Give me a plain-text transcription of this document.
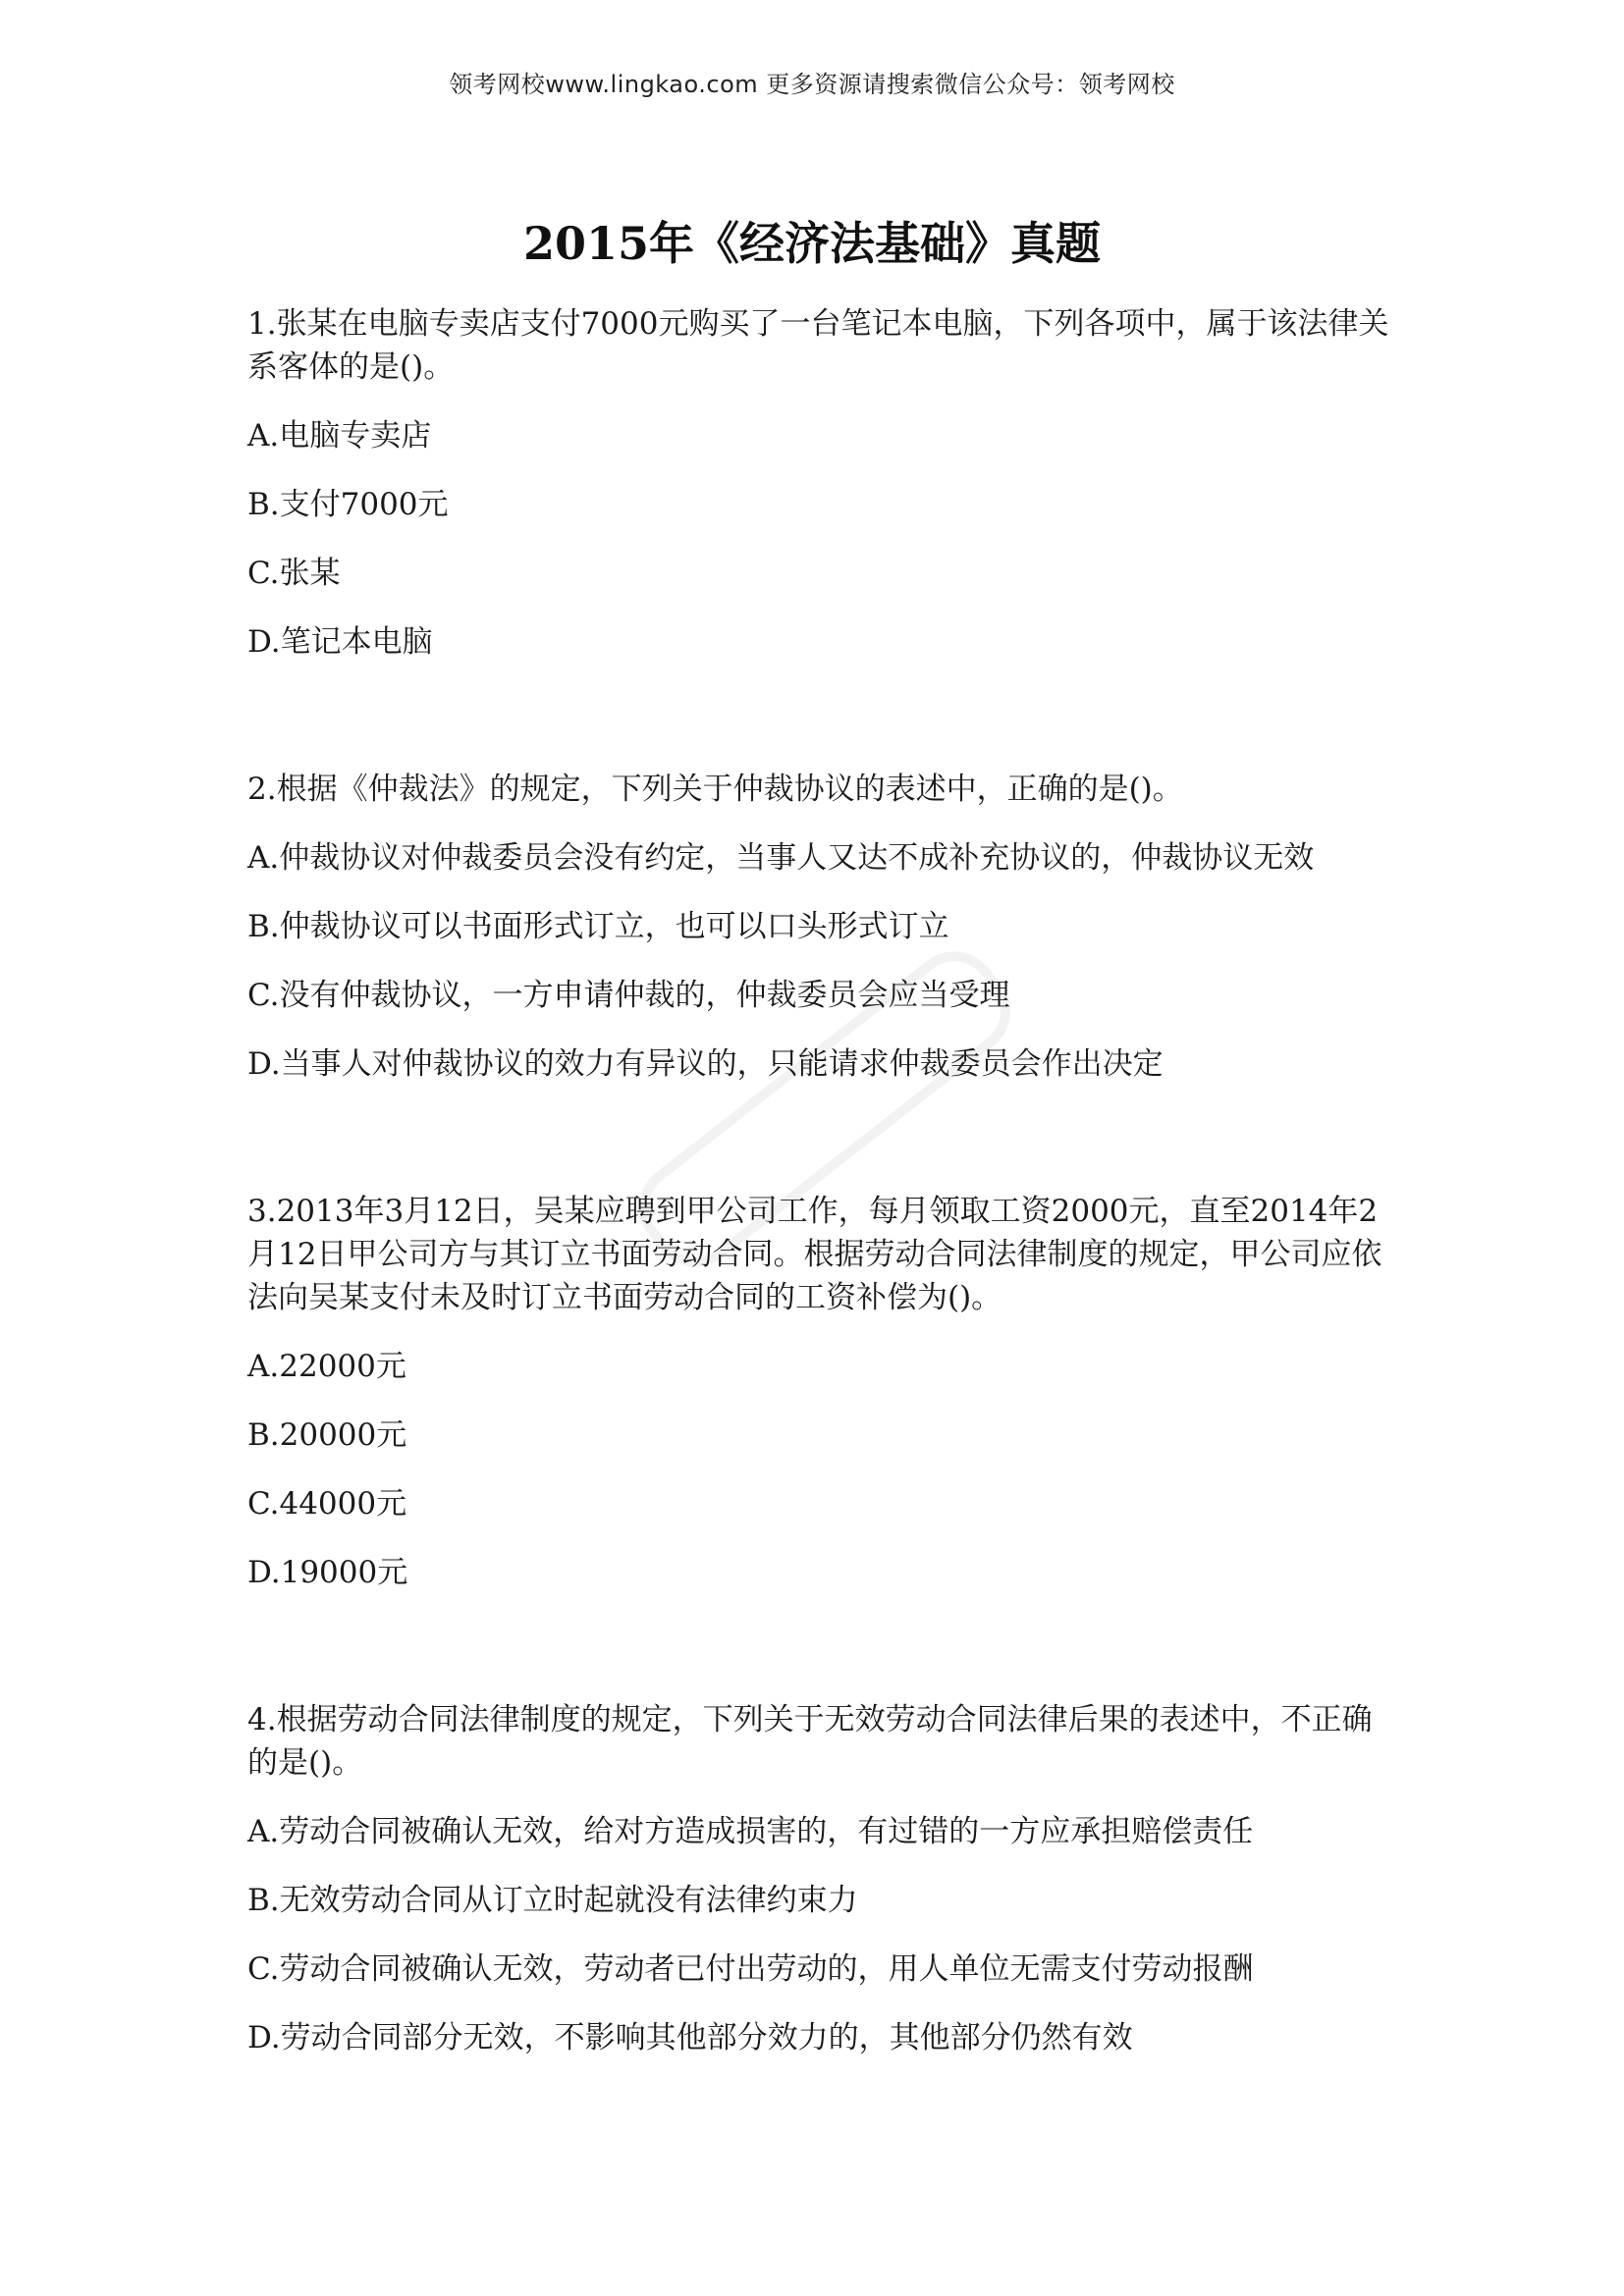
领考网校www.lingkao.com 更多资源请搜索微信公众号：领考网校
2015年《经济法基础》真题

1.张某在电脑专卖店支付7000元购买了一台笔记本电脑，下列各项中，属于该法律关系客体的是()。

A.电脑专卖店
B.支付7000元
C.张某
D.笔记本电脑

2.根据《仲裁法》的规定，下列关于仲裁协议的表述中，正确的是()。

A.仲裁协议对仲裁委员会没有约定，当事人又达不成补充协议的，仲裁协议无效
B.仲裁协议可以书面形式订立，也可以口头形式订立
C.没有仲裁协议，一方申请仲裁的，仲裁委员会应当受理
D.当事人对仲裁协议的效力有异议的，只能请求仲裁委员会作出决定

3.2013年3月12日，吴某应聘到甲公司工作，每月领取工资2000元，直至2014年2月12日甲公司方与其订立书面劳动合同。根据劳动合同法律制度的规定，甲公司应依法向吴某支付未及时订立书面劳动合同的工资补偿为()。

A.22000元
B.20000元
C.44000元
D.19000元

4.根据劳动合同法律制度的规定，下列关于无效劳动合同法律后果的表述中，不正确的是()。

A.劳动合同被确认无效，给对方造成损害的，有过错的一方应承担赔偿责任
B.无效劳动合同从订立时起就没有法律约束力
C.劳动合同被确认无效，劳动者已付出劳动的，用人单位无需支付劳动报酬
D.劳动合同部分无效，不影响其他部分效力的，其他部分仍然有效
